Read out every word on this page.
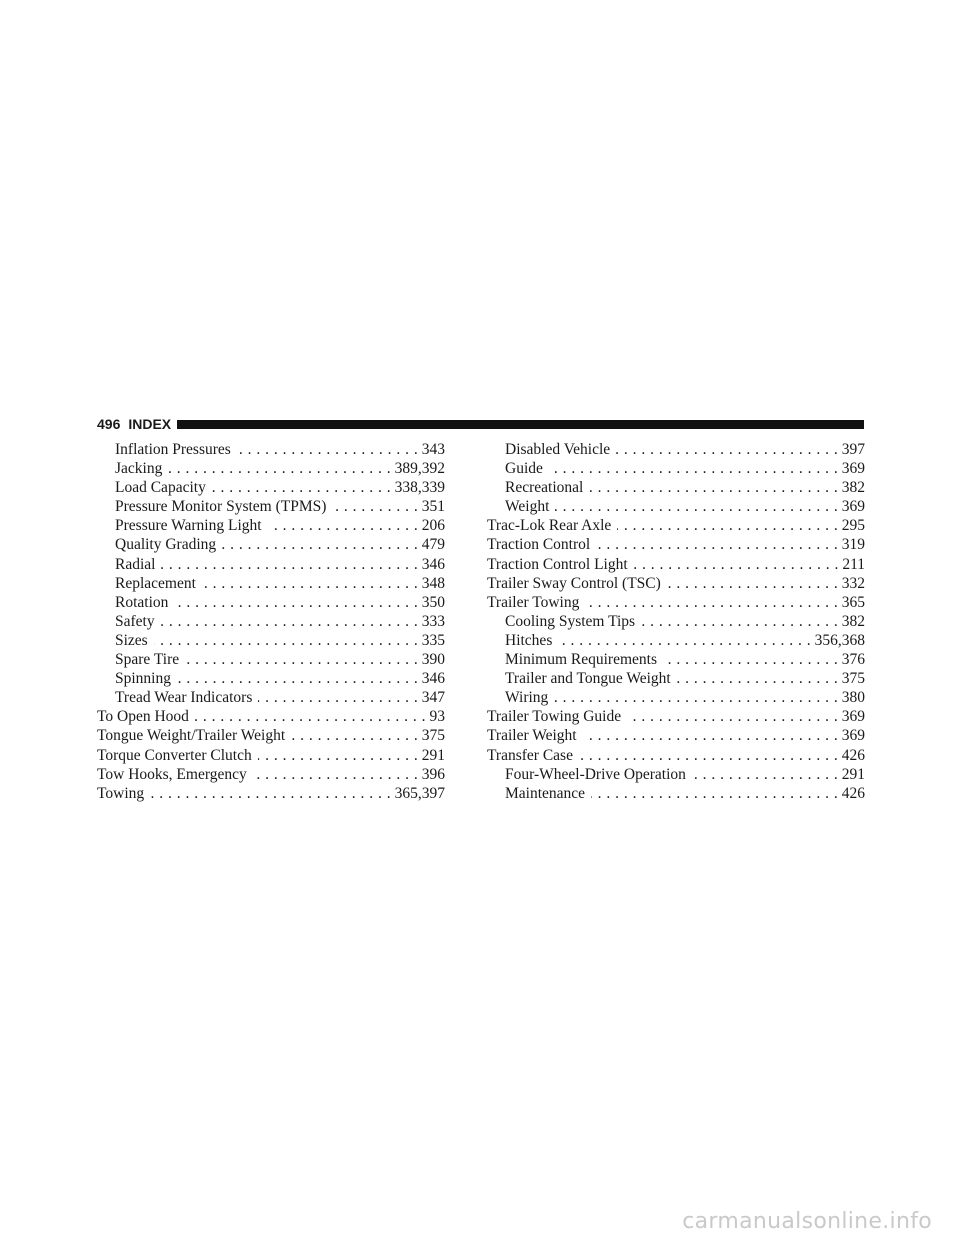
496 INDEX
Inflation Pressures . . .	343
Jacking . . .	389,392
Load Capacity . . .	338,339
Pressure Monitor System (TPMS) . . .	351
Pressure Warning Light . . .	206
Quality Grading . . .	479
Radial . . .	346
Replacement . . .	348
Rotation . . .	350
Safety . . .	333
Sizes . . .	335
Spare Tire . . .	390
Spinning . . .	346
Tread Wear Indicators . . .	347
To Open Hood . . .	93
Tongue Weight/Trailer Weight . . .	375
Torque Converter Clutch . . .	291
Tow Hooks, Emergency . . .	396
Towing . . .	365,397
Disabled Vehicle . . .	397
Guide . . .	369
Recreational . . .	382
Weight . . .	369
Trac-Lok Rear Axle . . .	295
Traction Control . . .	319
Traction Control Light . . .	211
Trailer Sway Control (TSC) . . .	332
Trailer Towing . . .	365
Cooling System Tips . . .	382
Hitches . . .	356,368
Minimum Requirements . . .	376
Trailer and Tongue Weight . . .	375
Wiring . . .	380
Trailer Towing Guide . . .	369
Trailer Weight . . .	369
Transfer Case . . .	426
Four-Wheel-Drive Operation . . .	291
Maintenance . . .	426
carmanualsonline.info
